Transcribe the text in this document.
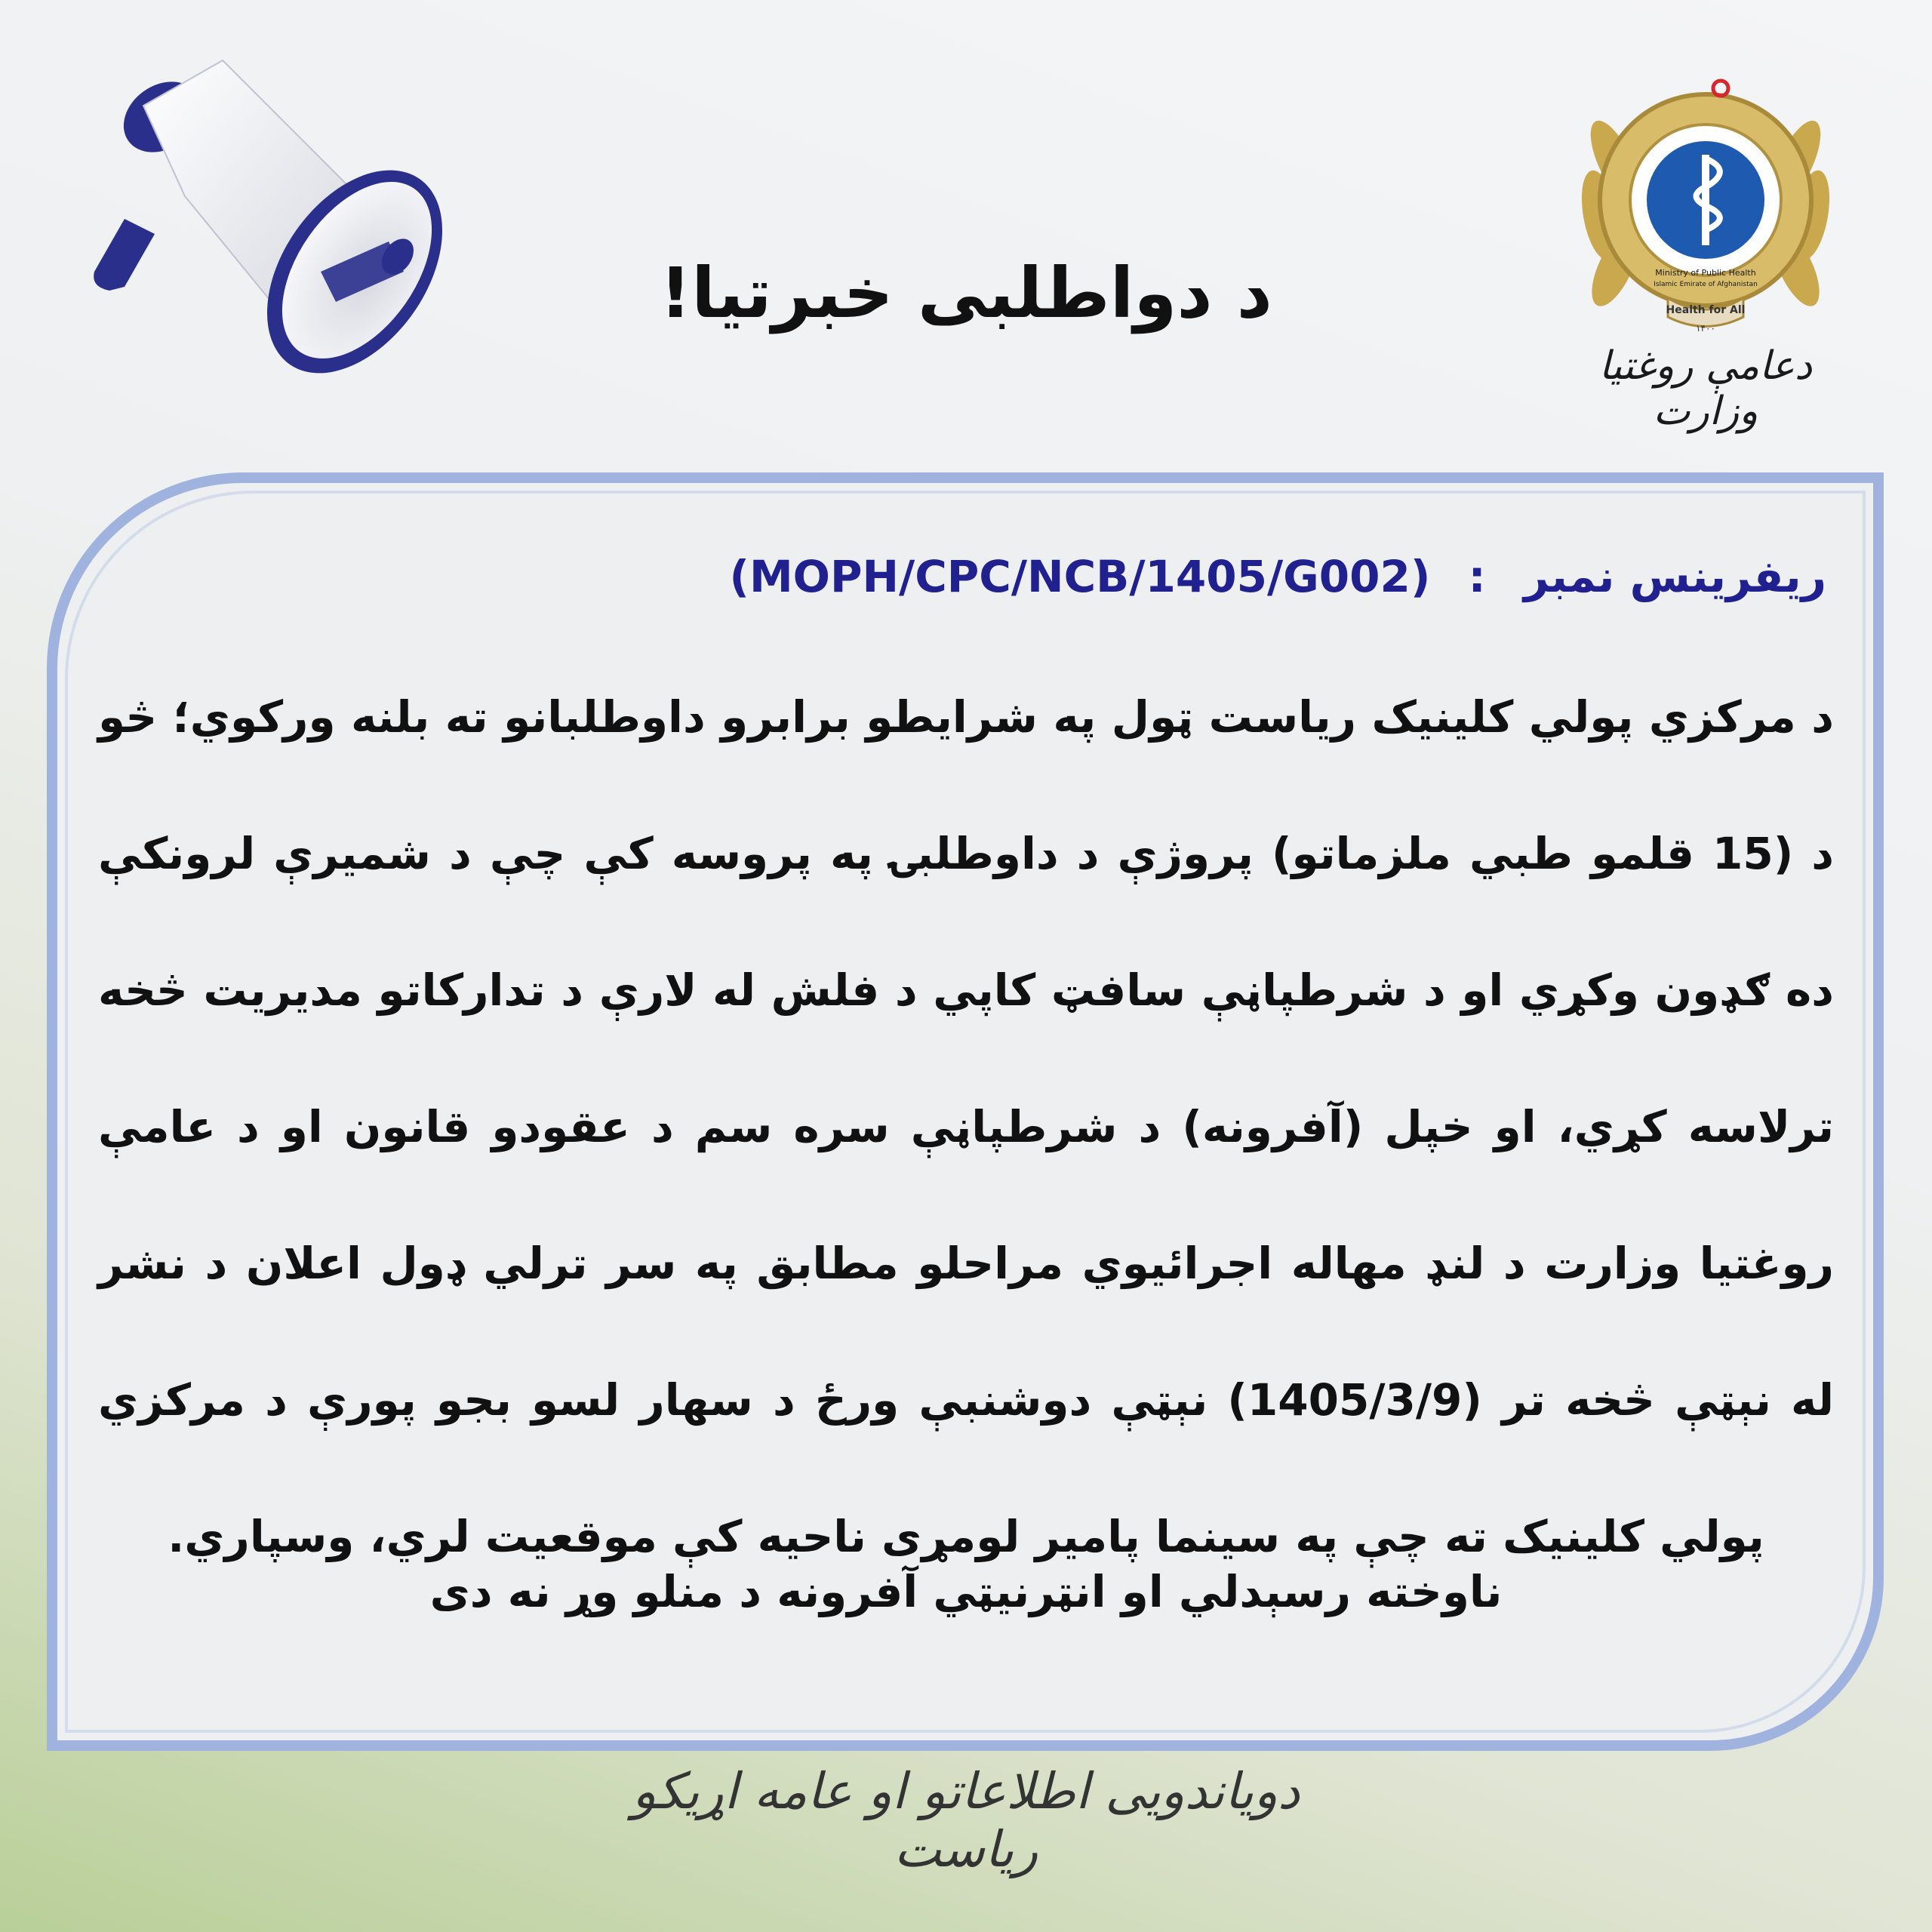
د دواطلبی خبرتیا!	Health for All
Ministry of Public Health
Islamic Emirate of Afghanistan
۱۴۰۰
دعامې روغتیا وزارت
ریفرینس نمبر : (MOPH/CPC/NCB/1405/G002)
د مرکزي پولي کلينيک رياست ټول په شرايطو برابرو داوطلبانو ته بلنه ورکوي؛ څو د (15 قلمو طبي ملزماتو) پروژې د داوطلبۍ په پروسه کې چې د شمیرې لرونکې ده ګډون وکړي او د شرطپاڼې سافټ کاپي د فلش له لارې د تدارکاتو مديريت څخه ترلاسه کړي، او خپل (آفرونه) د شرطپاڼې سره سم د عقودو قانون او د عامې روغتيا وزارت د لنډ مهاله اجرائیوي مراحلو مطابق په سر ترلي ډول اعلان د نشر له نېټې څخه تر (1405/3/9) نېټې دوشنبې ورځ د سهار لسو بجو پورې د مرکزي پولي کلينيک ته چې په سينما پامير لومړی ناحيه کې موقعيت لري، وسپاري.
ناوخته رسېدلي او انټرنيټي آفرونه د منلو وړ نه دی
دویاندویی اطلاعاتو او عامه اړیکو ریاست
